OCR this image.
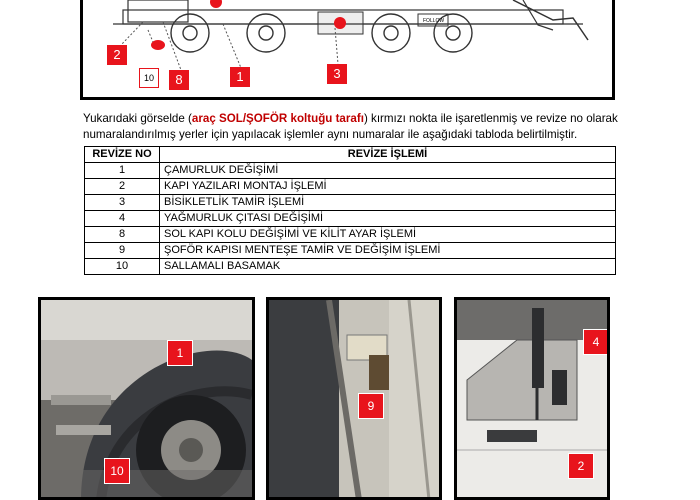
FOLLOW
2
10	8	1	3
Yukarıdaki görselde (araç SOL/ŞOFÖR koltuğu tarafı) kırmızı nokta ile işaretlenmiş ve revize no olarak numaralandırılmış yerler için yapılacak işlemler aynı numaralar ile aşağıdaki tabloda belirtilmiştir.
REVİZE NO	REVİZE İŞLEMİ
1	ÇAMURLUK DEĞİŞİMİ
2	KAPI YAZILARI MONTAJ İŞLEMİ
3	BİSİKLETLİK TAMİR İŞLEMİ
4	YAĞMURLUK ÇITASI DEĞİŞİMİ
8	SOL KAPI KOLU DEĞİŞİMİ VE KİLİT AYAR İŞLEMİ
9	ŞOFÖR KAPISI MENTEŞE TAMİR VE DEĞİŞİM İŞLEMİ
10	SALLAMALI BASAMAK
1
10
9
4
2
